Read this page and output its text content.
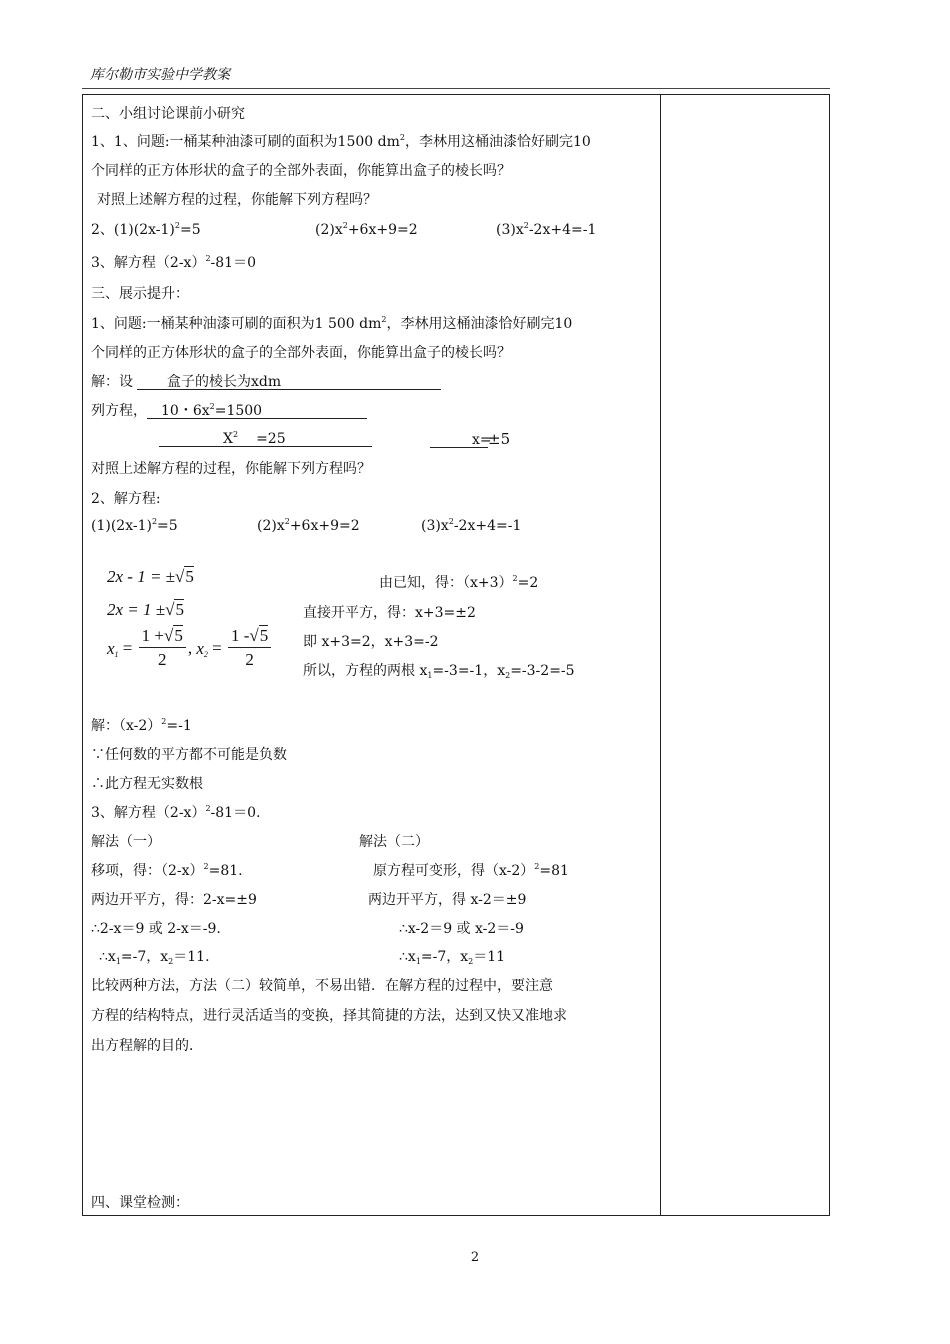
库尔勒市实验中学教案
二、小组讨论课前小研究
1、1、问题:一桶某种油漆可刷的面积为1500 $dm^2$，李林用这桶油漆恰好刷完10
个同样的正方体形状的盒子的全部外表面，你能算出盒子的棱长吗？
对照上述解方程的过程，你能解下列方程吗？
2、$(1)(2x-1)^2=5$	$(2)x^2+6x+9=2$	$(3)x^2-2x+4=-1$
3、解方程$(2-x)^2-81=0$
三、展示提升：
1、问题:一桶某种油漆可刷的面积为1 500 $dm^2$，李林用这桶油漆恰好刷完10
个同样的正方体形状的盒子的全部外表面，你能算出盒子的棱长吗？
解：设 盒子的棱长为xdm
列方程， 10・$6x^2=1500$
$X^2 =25$	x=±5
对照上述解方程的过程，你能解下列方程吗？
2、解方程:
$(1)(2x-1)^2=5$	$(2)x^2+6x+9=2$	$(3)x^2-2x+4=-1$
2x - 1 = ±√5
2x = 1 ±√5
$x_1 = \frac{1 +√5}{2}$ , $x_2 = \frac{1 -√5}{2}$
由已知，得：$(x+3)^2=2$
直接开平方，得：x+3=±2
即 x+3=2，x+3=-2
所以，方程的两根 $x_1=-3=-1$，$x_2=-3-2=-5$
解：$(x-2)^2=-1$
∵任何数的平方都不可能是负数
∴此方程无实数根
3、解方程$(2-x)^2-81=0$.
解法（一）
移项，得：$(2-x)^2=81$.
两边开平方，得：2-x=±9
∴2-x＝9 或 2-x＝-9.
$\therefore x_1=-7$，$x_2=11$.
解法（二）
原方程可变形，得$(x-2)^2=81$
两边开平方，得 x-2＝±9
∴x-2＝9 或 x-2＝-9
$\therefore x_1=-7$，$x_2=11$
比较两种方法，方法（二）较简单，不易出错．在解方程的过程中，要注意
方程的结构特点，进行灵活适当的变换，择其简捷的方法，达到又快又准地求
出方程解的目的．
四、课堂检测：
2
